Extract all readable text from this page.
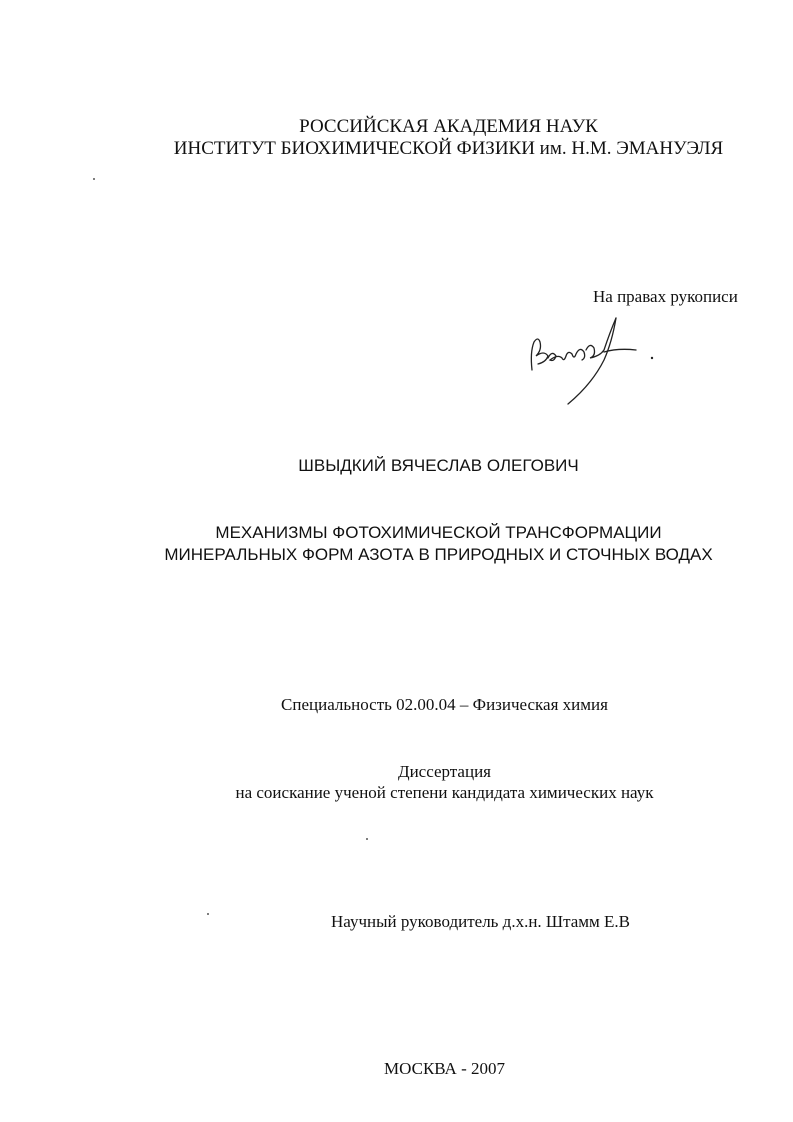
РОССИЙСКАЯ АКАДЕМИЯ НАУК
ИНСТИТУТ БИОХИМИЧЕСКОЙ ФИЗИКИ им. Н.М. ЭМАНУЭЛЯ
На правах рукописи
ШВЫДКИЙ ВЯЧЕСЛАВ ОЛЕГОВИЧ
МЕХАНИЗМЫ ФОТОХИМИЧЕСКОЙ ТРАНСФОРМАЦИИ
МИНЕРАЛЬНЫХ ФОРМ АЗОТА В ПРИРОДНЫХ И СТОЧНЫХ ВОДАХ
Специальность 02.00.04 – Физическая химия
Диссертация
на соискание ученой степени кандидата химических наук
Научный руководитель д.х.н. Штамм Е.В
МОСКВА - 2007
